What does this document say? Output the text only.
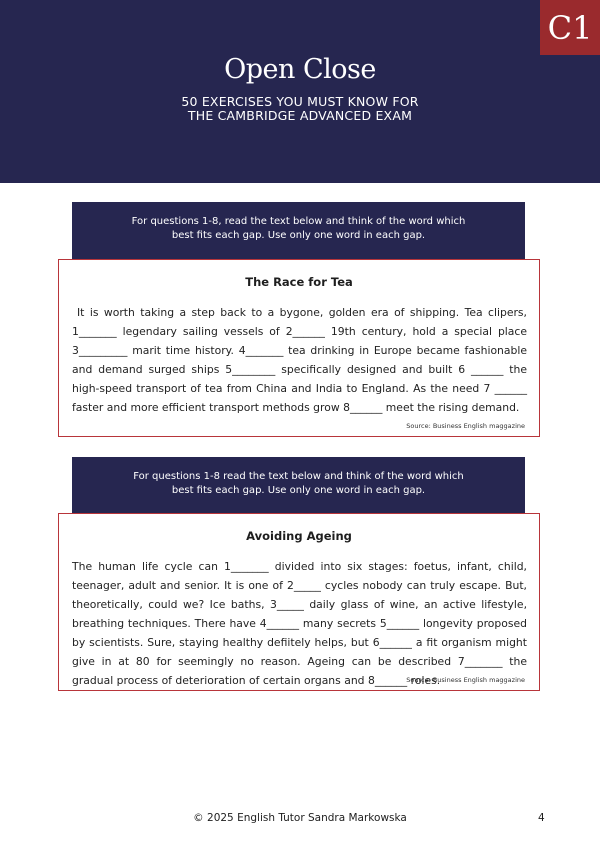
C1
Open Close
50 EXERCISES YOU MUST KNOW FOR
THE CAMBRIDGE ADVANCED EXAM
For questions 1-8, read the text below and think of the word which
best fits each gap. Use only one word in each gap.
The Race for Tea
It is worth taking a step back to a bygone, golden era of shipping. Tea clipers, 1_______ legendary sailing vessels of 2______ 19th century, hold a special place 3_________ marit time history. 4_______ tea drinking in Europe became fashionable and demand surged ships 5________ specifically designed and built 6 ______ the high-speed transport of tea from China and India to England. As the need 7 ______ faster and more efficient transport methods grow 8______ meet the rising demand.
Source: Business English maggazine
For questions 1-8 read the text below and think of the word which
best fits each gap. Use only one word in each gap.
Avoiding Ageing
The human life cycle can 1_______ divided into six stages: foetus, infant, child, teenager, adult and senior. It is one of 2_____ cycles nobody can truly escape. But, theoretically, could we? Ice baths, 3_____ daily glass of wine, an active lifestyle, breathing techniques. There have 4______ many secrets 5______ longevity proposed by scientists. Sure, staying healthy defiitely helps, but 6______ a fit organism might give in at 80 for seemingly no reason. Ageing can be described 7_______ the gradual process of deterioration of certain organs and 8______ roles.
Source: Business English maggazine
© 2025 English Tutor Sandra Markowska	4
